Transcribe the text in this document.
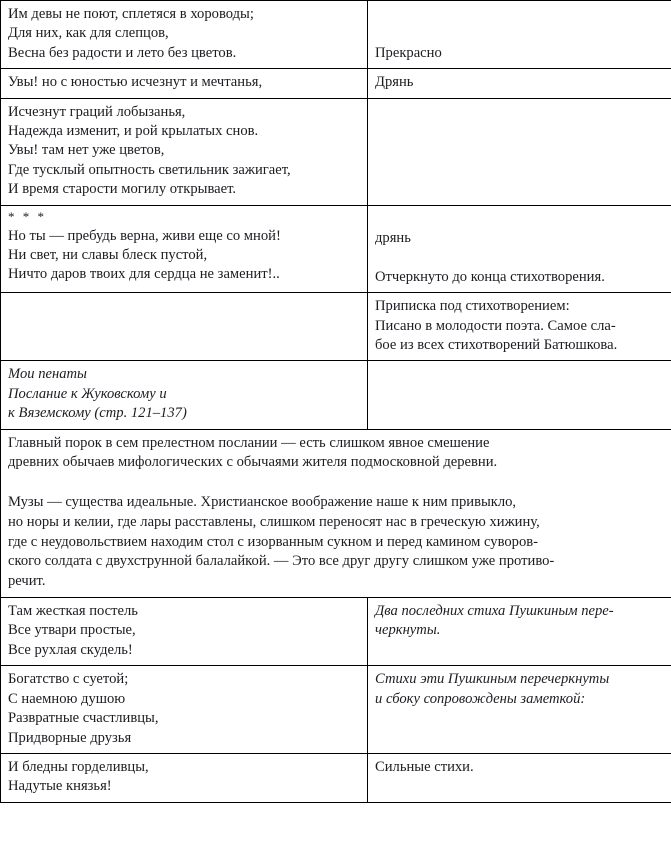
Им девы не поют, сплетяся в хороводы;
Для них, как для слепцов,
Весна без радости и лето без цветов.	Прекрасно

Увы! но с юностью исчезнут и мечтанья,	Дрянь

Исчезнут граций лобызанья,
Надежда изменит, и рой крылатых снов.
Увы! там нет уже цветов,
Где тусклый опытность светильник зажигает,
И время старости могилу открывает.	

* * *
Но ты — пребудь верна, живи еще со мной!
Ни свет, ни славы блеск пустой,
Ничто даров твоих для сердца не заменит!..	дрянь
Отчеркнуто до конца стихотворения.

	Приписка под стихотворением:
Писано в молодости поэта. Самое сла-
бое из всех стихотворений Батюшкова.

Мои пенаты
Послание к Жуковскому и
к Вяземскому (стр. 121–137)	

Главный порок в сем прелестном послании — есть слишком явное смешение
древних обычаев мифологических с обычаями жителя подмосковной деревни.
Музы — существа идеальные. Христианское воображение наше к ним привыкло,
но норы и келии, где лары расставлены, слишком переносят нас в греческую хижину,
где с неудовольствием находим стол с изорванным сукном и перед камином суворов-
ского солдата с двухструнной балалайкой. — Это все друг другу слишком уже противо-
речит.

Там жесткая постель
Все утвари простые,
Все рухлая скудель!	Два последних стиха Пушкиным пере-
черкнуты.

Богатство с суетой;
С наемною душою
Развратные счастливцы,
Придворные друзья	Стихи эти Пушкиным перечеркнуты
и сбоку сопровождены заметкой:

И бледны горделивцы,
Надутые князья!	Сильные стихи.
